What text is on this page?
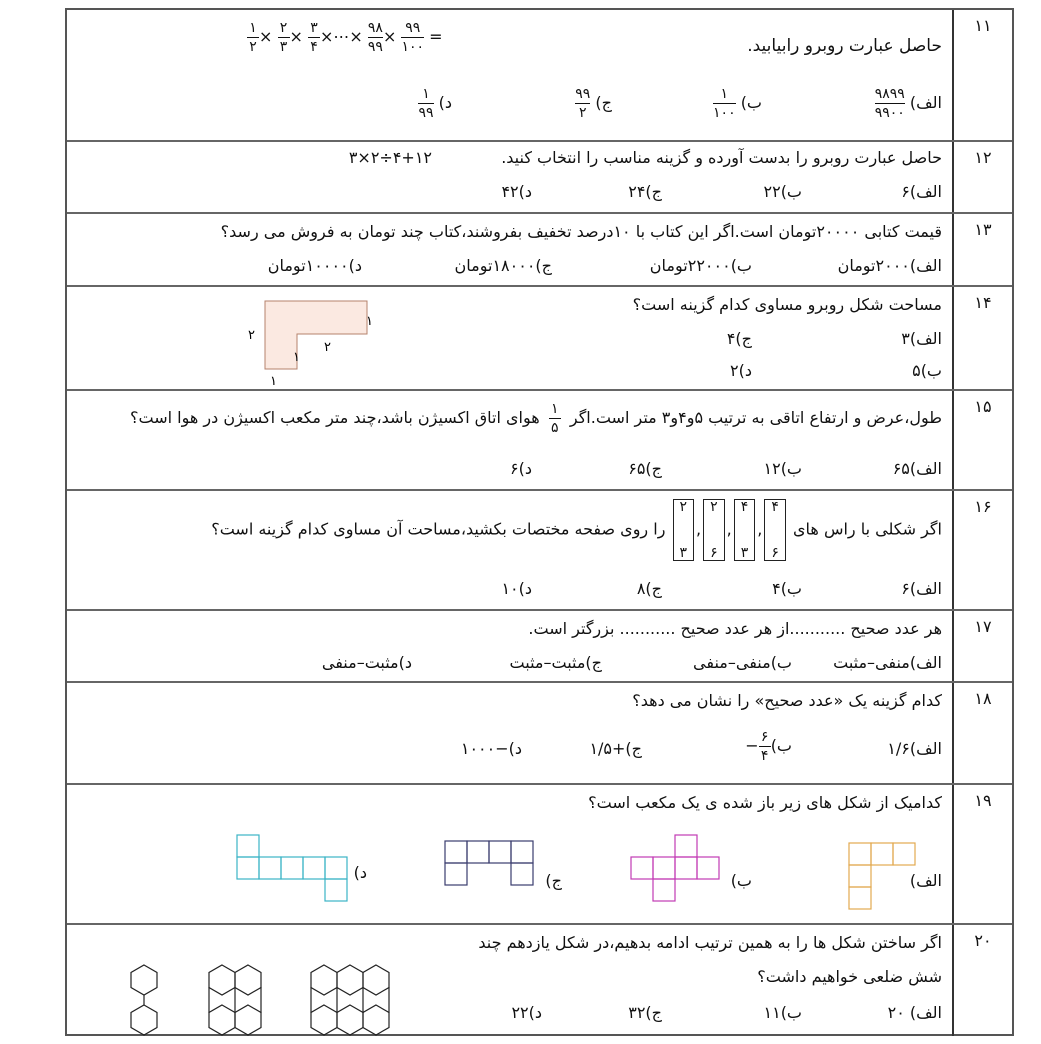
۱۱
حاصل عبارت روبرو رابیابید.
$\frac{۱}{۲} \times \frac{۲}{۳} \times \frac{۳}{۴}$ ×⋯× $\frac{۹۸}{۹۹} \times \frac{۹۹}{۱۰۰}$ =
الف)
$\frac{۹۸۹۹}{۹۹۰۰}$
ب)
$\frac{۱}{۱۰۰}$
ج)
$\frac{۹۹}{۲}$
د)
$\frac{۱}{۹۹}$
۱۲
حاصل عبارت روبرو را بدست آورده و گزینه مناسب را انتخاب کنید.
۴+۱۲÷۲×۳
الف)۶
ب)۲۲
ج)۲۴
د)۴۲
۱۳
قیمت کتابی ۲۰۰۰۰تومان است.اگر این کتاب با ۱۰درصد تخفیف بفروشند،کتاب چند تومان به فروش می رسد؟
الف)۲۰۰۰تومان
ب)۲۲۰۰۰تومان
ج)۱۸۰۰۰تومان
د)۱۰۰۰۰تومان
۱۴
مساحت شکل روبرو مساوی کدام گزینه است؟
الف)۳
ج)۴
ب)۵
د)۲
۱
۲
۱
۲
۱
۱۵
طول،عرض و ارتفاع اتاقی به ترتیب ۵و۴و۳ متر است.اگر
$\frac{۱}{۵}$
هوای اتاق اکسیژن باشد،چند متر مکعب اکسیژن در هوا است؟
الف)۶۵
ب)۱۲
ج)۶۵
د)۶
۱۶
اگر شکلی با راس های
۴
۶
,
۴
۳
,
۲
۶
,
۲
۳
را روی صفحه مختصات بکشید،مساحت آن مساوی کدام گزینه است؟
الف)۶
ب)۴
ج)۸
د)۱۰
۱۷
هر عدد صحیح ...........از هر عدد صحیح ........... بزرگتر است.
الف)منفی–مثبت
ب)منفی–منفی
ج)مثبت–مثبت
د)مثبت–منفی
۱۸
کدام گزینه یک «عدد صحیح» را نشان می دهد؟
الف)۱/۶
ب)− $\frac{۶}{۴}$
ج)+۱/۵
د)−۱۰۰۰
۱۹
کدامیک از شکل های زیر باز شده ی یک مکعب است؟
الف)
ب)
ج)
د)
۲۰
اگر ساختن شکل ها را به همین ترتیب ادامه بدهیم،در شکل یازدهم چند
شش ضلعی خواهیم داشت؟
الف) ۲۰
ب)۱۱
ج)۳۲
د)۲۲
